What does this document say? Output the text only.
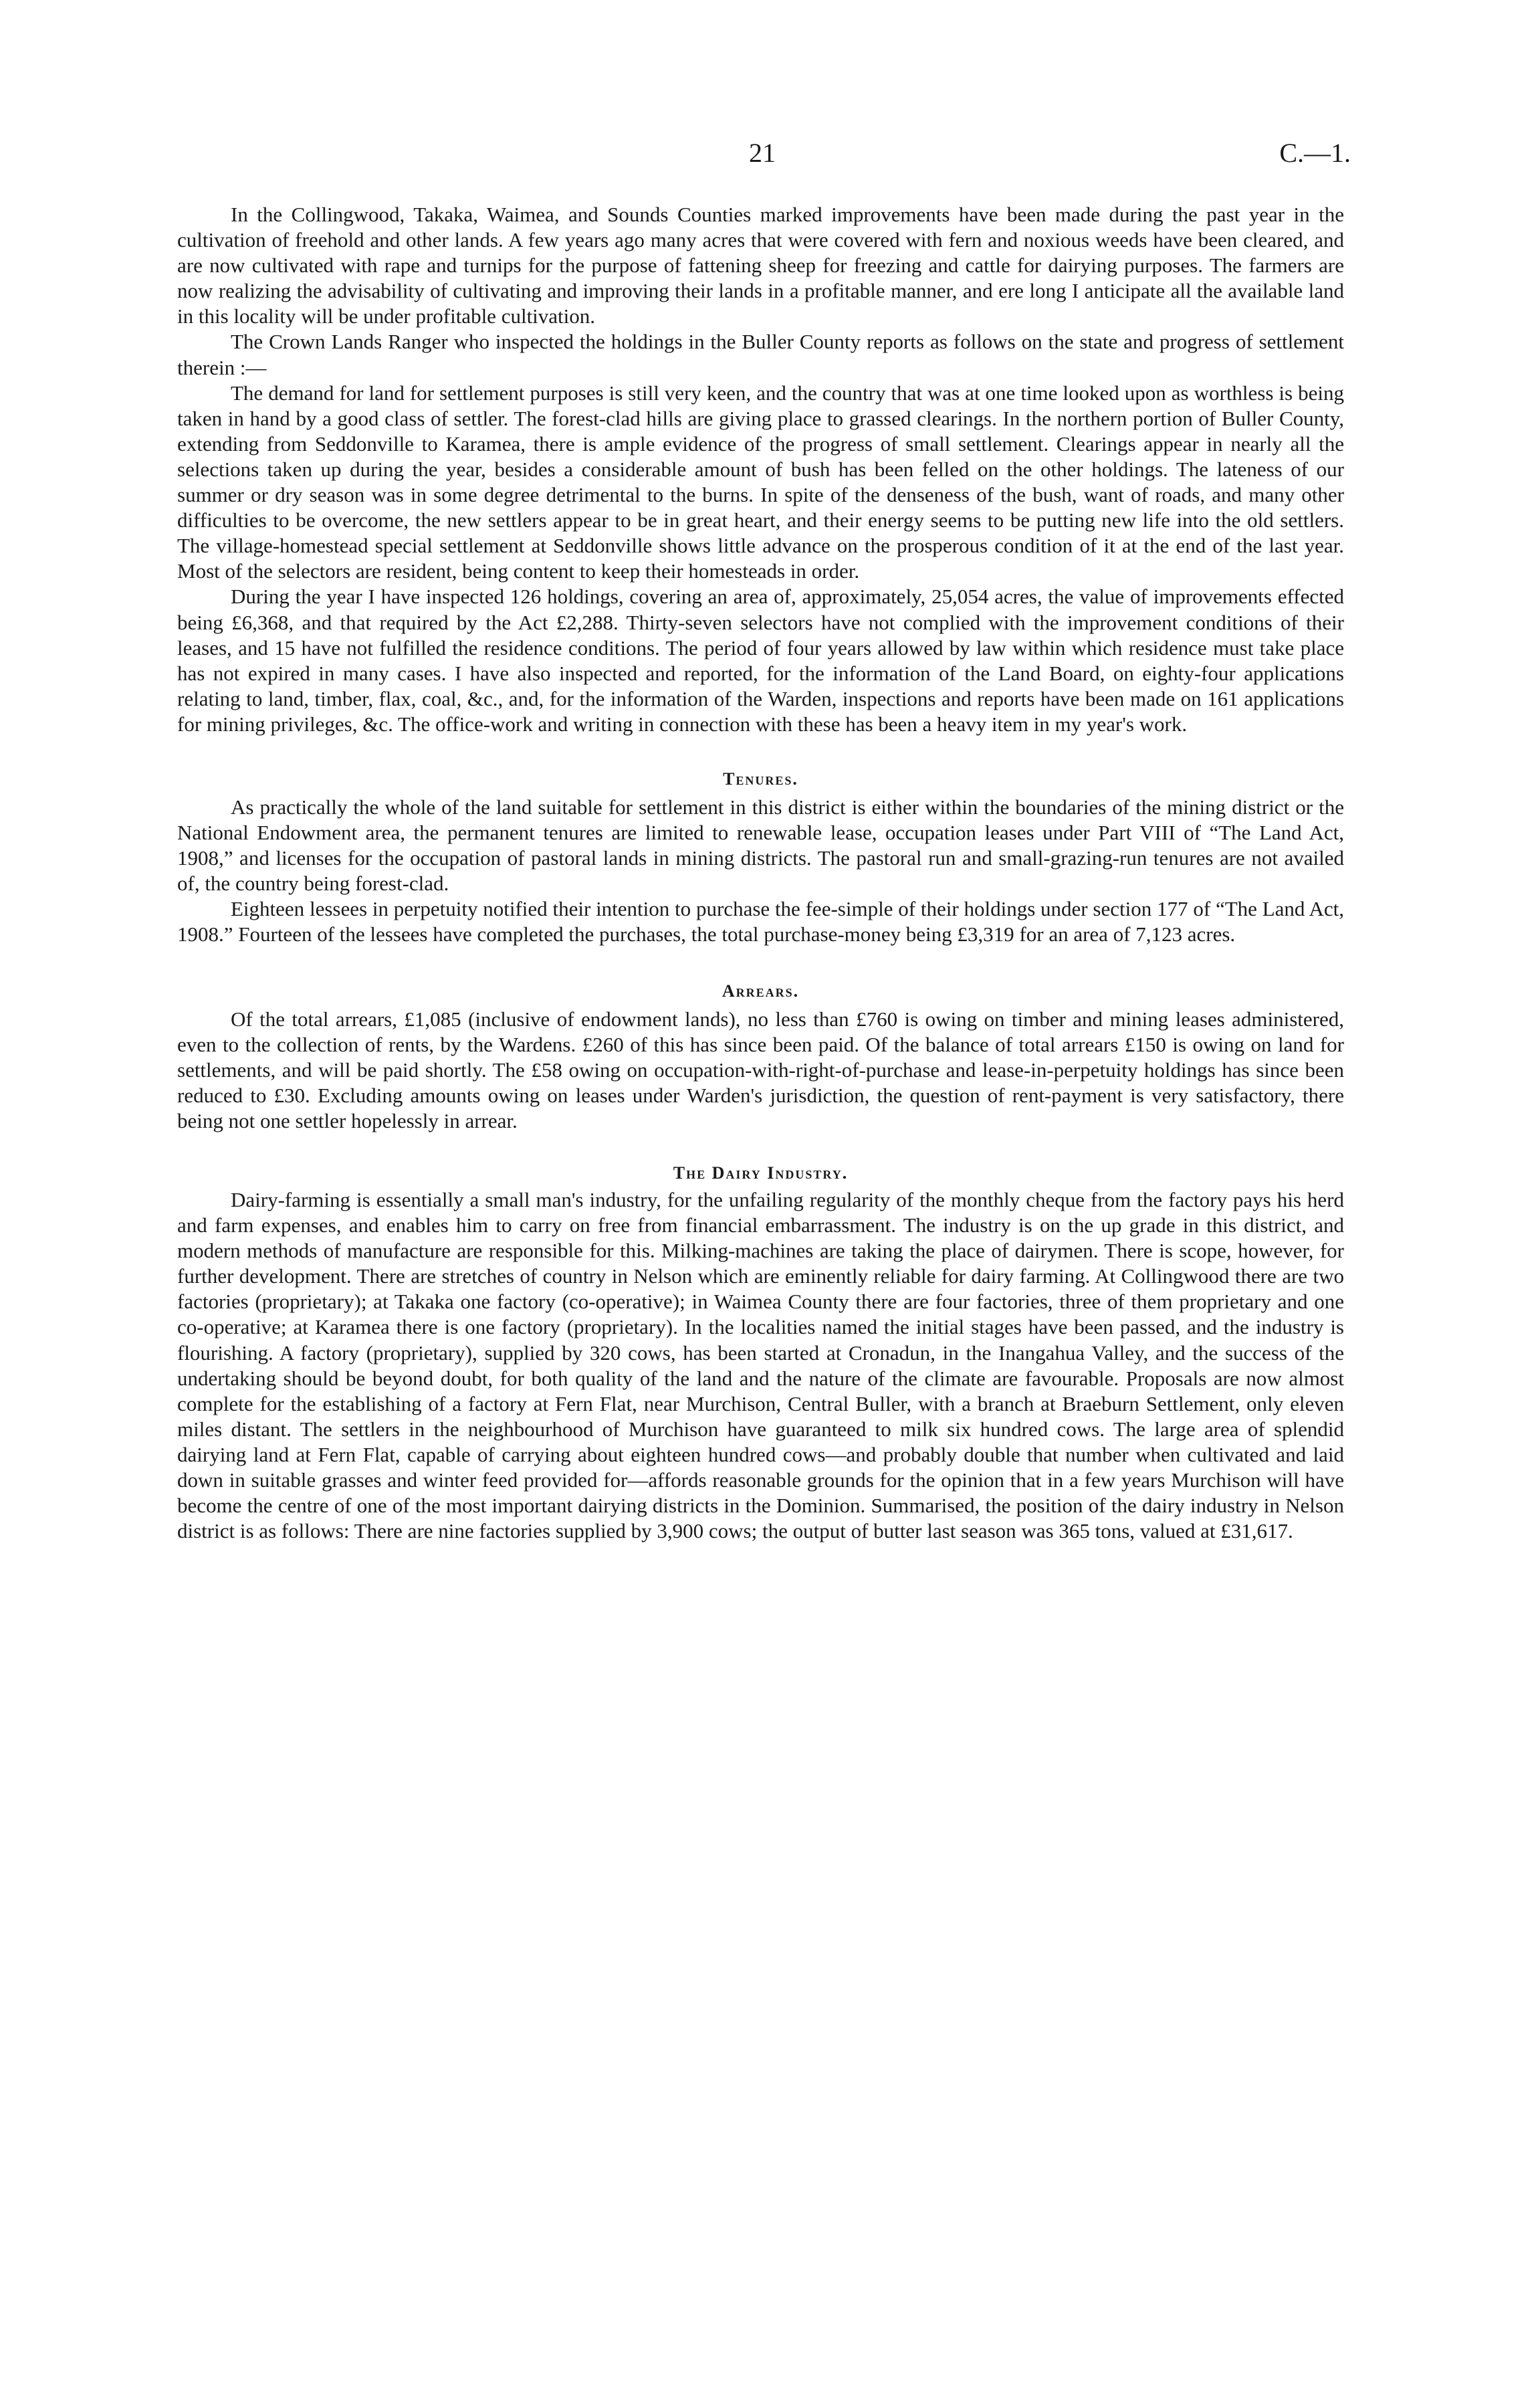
21	C.—1.

In the Collingwood, Takaka, Waimea, and Sounds Counties marked improvements have been made during the past year in the cultivation of freehold and other lands. A few years ago many acres that were covered with fern and noxious weeds have been cleared, and are now cultivated with rape and turnips for the purpose of fattening sheep for freezing and cattle for dairying purposes. The farmers are now realizing the advisability of cultivating and improving their lands in a profitable manner, and ere long I anticipate all the available land in this locality will be under profitable cultivation.

The Crown Lands Ranger who inspected the holdings in the Buller County reports as follows on the state and progress of settlement therein :—

The demand for land for settlement purposes is still very keen, and the country that was at one time looked upon as worthless is being taken in hand by a good class of settler. The forest-clad hills are giving place to grassed clearings. In the northern portion of Buller County, extending from Seddonville to Karamea, there is ample evidence of the progress of small settlement. Clearings appear in nearly all the selections taken up during the year, besides a considerable amount of bush has been felled on the other holdings. The lateness of our summer or dry season was in some degree detrimental to the burns. In spite of the denseness of the bush, want of roads, and many other difficulties to be overcome, the new settlers appear to be in great heart, and their energy seems to be putting new life into the old settlers. The village-homestead special settlement at Seddonville shows little advance on the prosperous condition of it at the end of the last year. Most of the selectors are resident, being content to keep their homesteads in order.

During the year I have inspected 126 holdings, covering an area of, approximately, 25,054 acres, the value of improvements effected being £6,368, and that required by the Act £2,288. Thirty-seven selectors have not complied with the improvement conditions of their leases, and 15 have not fulfilled the residence conditions. The period of four years allowed by law within which residence must take place has not expired in many cases. I have also inspected and reported, for the information of the Land Board, on eighty-four applications relating to land, timber, flax, coal, &c., and, for the information of the Warden, inspections and reports have been made on 161 applications for mining privileges, &c. The office-work and writing in connection with these has been a heavy item in my year's work.

Tenures.

As practically the whole of the land suitable for settlement in this district is either within the boundaries of the mining district or the National Endowment area, the permanent tenures are limited to renewable lease, occupation leases under Part VIII of “The Land Act, 1908,” and licenses for the occupation of pastoral lands in mining districts. The pastoral run and small-grazing-run tenures are not availed of, the country being forest-clad.

Eighteen lessees in perpetuity notified their intention to purchase the fee-simple of their holdings under section 177 of “The Land Act, 1908.” Fourteen of the lessees have completed the purchases, the total purchase-money being £3,319 for an area of 7,123 acres.

Arrears.

Of the total arrears, £1,085 (inclusive of endowment lands), no less than £760 is owing on timber and mining leases administered, even to the collection of rents, by the Wardens. £260 of this has since been paid. Of the balance of total arrears £150 is owing on land for settlements, and will be paid shortly. The £58 owing on occupation-with-right-of-purchase and lease-in-perpetuity holdings has since been reduced to £30. Excluding amounts owing on leases under Warden's jurisdiction, the question of rent-payment is very satisfactory, there being not one settler hopelessly in arrear.

The Dairy Industry.

Dairy-farming is essentially a small man's industry, for the unfailing regularity of the monthly cheque from the factory pays his herd and farm expenses, and enables him to carry on free from financial embarrassment. The industry is on the up grade in this district, and modern methods of manufacture are responsible for this. Milking-machines are taking the place of dairymen. There is scope, however, for further development. There are stretches of country in Nelson which are eminently reliable for dairy farming. At Collingwood there are two factories (proprietary); at Takaka one factory (co-operative); in Waimea County there are four factories, three of them proprietary and one co-operative; at Karamea there is one factory (proprietary). In the localities named the initial stages have been passed, and the industry is flourishing. A factory (proprietary), supplied by 320 cows, has been started at Cronadun, in the Inangahua Valley, and the success of the undertaking should be beyond doubt, for both quality of the land and the nature of the climate are favourable. Proposals are now almost complete for the establishing of a factory at Fern Flat, near Murchison, Central Buller, with a branch at Braeburn Settlement, only eleven miles distant. The settlers in the neighbourhood of Murchison have guaranteed to milk six hundred cows. The large area of splendid dairying land at Fern Flat, capable of carrying about eighteen hundred cows—and probably double that number when cultivated and laid down in suitable grasses and winter feed provided for—affords reasonable grounds for the opinion that in a few years Murchison will have become the centre of one of the most important dairying districts in the Dominion. Summarised, the position of the dairy industry in Nelson district is as follows: There are nine factories supplied by 3,900 cows; the output of butter last season was 365 tons, valued at £31,617.
